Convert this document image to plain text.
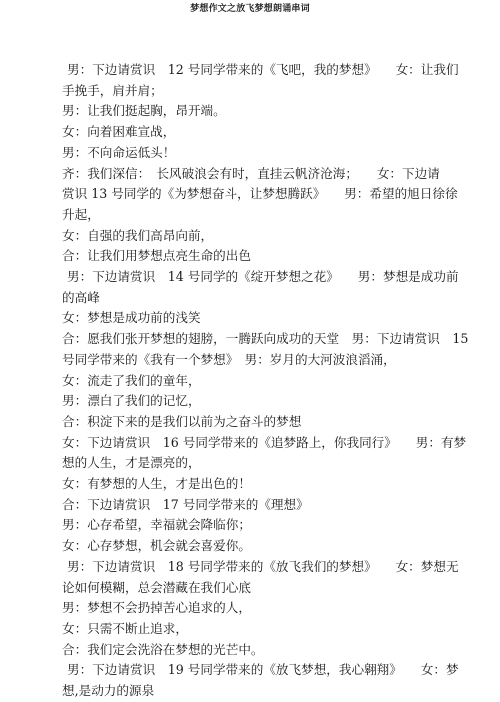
梦想作文之放飞梦想朗诵串词
男：下边请赏识　12 号同学带来的《飞吧，我的梦想》　　女：让我们
手挽手，肩并肩；
男：让我们挺起胸，昂开端。
女：向着困难宣战，
男：不向命运低头！
齐：我们深信：　长风破浪会有时，直挂云帆济沧海；　　女：下边请
赏识 13 号同学的《为梦想奋斗，让梦想腾跃》　　男：希望的旭日徐徐
升起，
女：自强的我们高昂向前，
合：让我们用梦想点亮生命的出色
男：下边请赏识　14 号同学的《绽开梦想之花》　　男：梦想是成功前
的高峰
女：梦想是成功前的浅笑
合：愿我们张开梦想的翅膀，一腾跃向成功的天堂　男：下边请赏识　15
号同学带来的《我有一个梦想》　男：岁月的大河波浪滔涌，
女：流走了我们的童年，
男：漂白了我们的记忆，
合：积淀下来的是我们以前为之奋斗的梦想
女：下边请赏识　16 号同学带来的《追梦路上，你我同行》　　男：有梦
想的人生，才是漂亮的，
女：有梦想的人生，才是出色的！
合：下边请赏识　17 号同学带来的《理想》
男：心存希望，幸福就会降临你；
女：心存梦想，机会就会喜爱你。
男：下边请赏识　18 号同学带来的《放飞我们的梦想》　　女：梦想无
论如何模糊，总会潜藏在我们心底
男：梦想不会扔掉苦心追求的人，
女：只需不断止追求，
合：我们定会洗浴在梦想的光芒中。
男：下边请赏识　19 号同学带来的《放飞梦想，我心翱翔》　　女：梦
想,是动力的源泉
